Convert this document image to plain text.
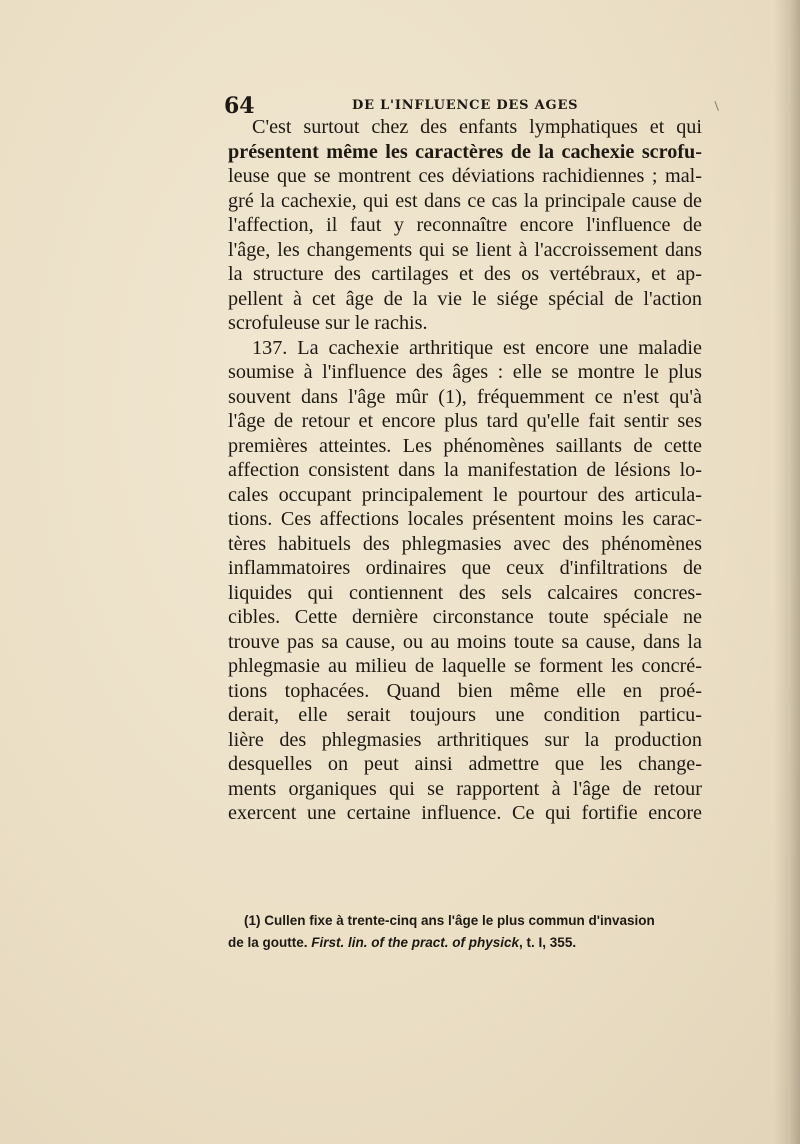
64	DE L'INFLUENCE DES AGES
C'est surtout chez des enfants lymphatiques et qui
présentent même les caractères de la cachexie scrofu-
leuse que se montrent ces déviations rachidiennes ; mal-
gré la cachexie, qui est dans ce cas la principale cause de
l'affection, il faut y reconnaître encore l'influence de
l'âge, les changements qui se lient à l'accroissement dans
la structure des cartilages et des os vertébraux, et ap-
pellent à cet âge de la vie le siége spécial de l'action
scrofuleuse sur le rachis.
137. La cachexie arthritique est encore une maladie
soumise à l'influence des âges : elle se montre le plus
souvent dans l'âge mûr (1), fréquemment ce n'est qu'à
l'âge de retour et encore plus tard qu'elle fait sentir ses
premières atteintes. Les phénomènes saillants de cette
affection consistent dans la manifestation de lésions lo-
cales occupant principalement le pourtour des articula-
tions. Ces affections locales présentent moins les carac-
tères habituels des phlegmasies avec des phénomènes
inflammatoires ordinaires que ceux d'infiltrations de
liquides qui contiennent des sels calcaires concres-
cibles. Cette dernière circonstance toute spéciale ne
trouve pas sa cause, ou au moins toute sa cause, dans la
phlegmasie au milieu de laquelle se forment les concré-
tions tophacées. Quand bien même elle en proé-
derait, elle serait toujours une condition particu-
lière des phlegmasies arthritiques sur la production
desquelles on peut ainsi admettre que les change-
ments organiques qui se rapportent à l'âge de retour
exercent une certaine influence. Ce qui fortifie encore
(1) Cullen fixe à trente-cinq ans l'âge le plus commun d'invasion
de la goutte. First. lin. of the pract. of physick, t. I, 355.
